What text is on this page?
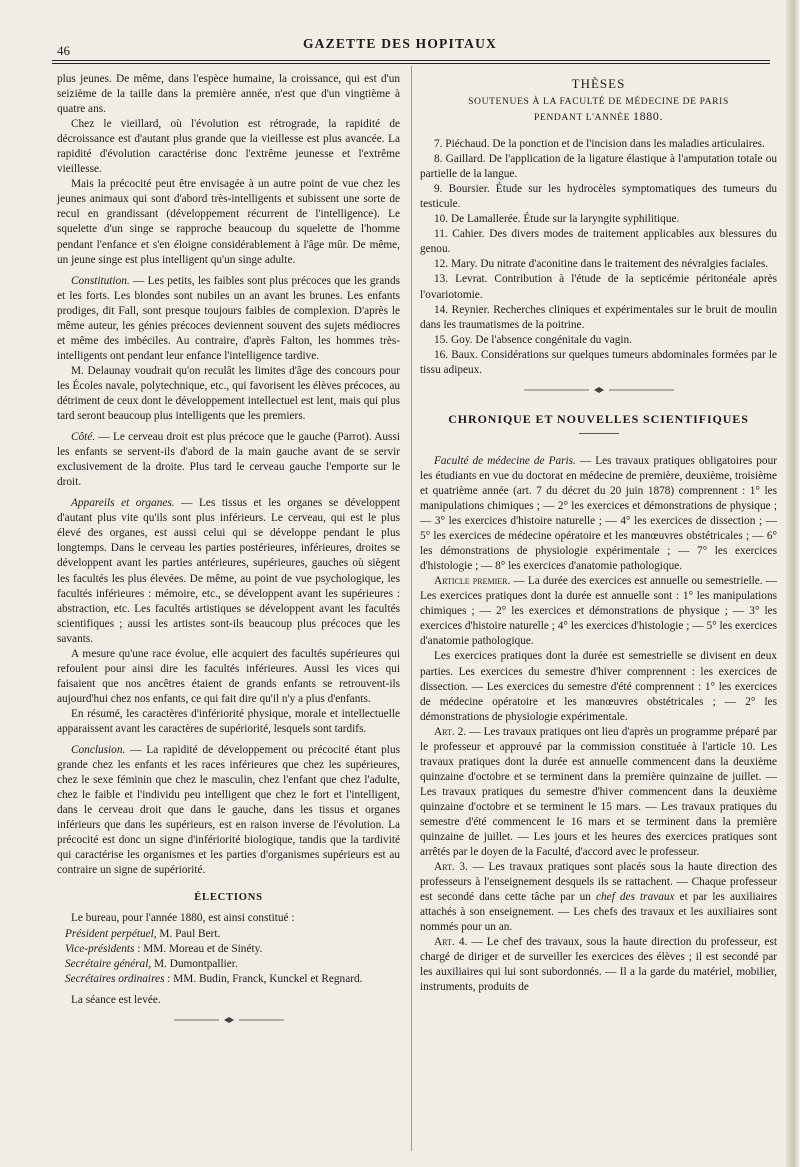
46	GAZETTE DES HOPITAUX

plus jeunes. De même, dans l'espèce humaine, la croissance, qui est d'un seizième de la taille dans la première année, n'est que d'un vingtième à quatre ans.

Chez le vieillard, où l'évolution est rétrograde, la rapidité de décroissance est d'autant plus grande que la vieillesse est plus avancée. La rapidité d'évolution caractérise donc l'extrême jeunesse et l'extrême vieillesse.

Mais la précocité peut être envisagée à un autre point de vue chez les jeunes animaux qui sont d'abord très-intelligents et subissent une sorte de recul en grandissant (développement récurrent de l'intelligence). Le squelette d'un singe se rapproche beaucoup du squelette de l'homme pendant l'enfance et s'en éloigne considérablement à l'âge mûr. De même, un jeune singe est plus intelligent qu'un singe adulte.

Constitution. — Les petits, les faibles sont plus précoces que les grands et les forts. Les blondes sont nubiles un an avant les brunes. Les enfants prodiges, dit Fall, sont presque toujours faibles de complexion. D'après le même auteur, les génies précoces deviennent souvent des sujets médiocres et même des imbéciles. Au contraire, d'après Falton, les hommes très-intelligents ont pendant leur enfance l'intelligence tardive.

M. Delaunay voudrait qu'on reculât les limites d'âge des concours pour les Écoles navale, polytechnique, etc., qui favorisent les élèves précoces, au détriment de ceux dont le développement intellectuel est lent, mais qui plus tard seront beaucoup plus intelligents que les premiers.

Côté. — Le cerveau droit est plus précoce que le gauche (Parrot). Aussi les enfants se servent-ils d'abord de la main gauche avant de se servir exclusivement de la droite. Plus tard le cerveau gauche l'emporte sur le droit.

Appareils et organes. — Les tissus et les organes se développent d'autant plus vite qu'ils sont plus inférieurs. Le cerveau, qui est le plus élevé des organes, est aussi celui qui se développe pendant le plus longtemps. Dans le cerveau les parties postérieures, inférieures, droites se développent avant les parties antérieures, supérieures, gauches où siègent les facultés les plus élevées. De même, au point de vue psychologique, les facultés inférieures : mémoire, etc., se développent avant les supérieures : abstraction, etc. Les facultés artistiques se développent avant les facultés scientifiques ; aussi les artistes sont-ils beaucoup plus précoces que les savants.

A mesure qu'une race évolue, elle acquiert des facultés supérieures qui refoulent pour ainsi dire les facultés inférieures. Aussi les vices qui faisaient que nos ancêtres étaient de grands enfants se retrouvent-ils aujourd'hui chez nos enfants, ce qui fait dire qu'il n'y a plus d'enfants.

En résumé, les caractères d'infériorité physique, morale et intellectuelle apparaissent avant les caractères de supériorité, lesquels sont tardifs.

Conclusion. — La rapidité de développement ou précocité étant plus grande chez les enfants et les races inférieures que chez les supérieures, chez le sexe féminin que chez le masculin, chez l'enfant que chez l'adulte, chez le faible et l'individu peu intelligent que chez le fort et l'intelligent, dans le cerveau droit que dans le gauche, dans les tissus et organes inférieurs que dans les supérieurs, est en raison inverse de l'évolution. La précocité est donc un signe d'infériorité biologique, tandis que la tardivité qui caractérise les organismes et les parties d'organismes supérieurs est au contraire un signe de supériorité.

ÉLECTIONS

Le bureau, pour l'année 1880, est ainsi constitué :

Président perpétuel, M. Paul Bert.
Vice-présidents : MM. Moreau et de Sinéty.
Secrétaire général, M. Dumontpallier.
Secrétaires ordinaires : MM. Budin, Franck, Kunckel et Regnard.

La séance est levée.

THÈSES
SOUTENUES À LA FACULTÉ DE MÉDECINE DE PARIS
PENDANT L'ANNÉE 1880.

7. Piéchaud. De la ponction et de l'incision dans les maladies articulaires.

8. Gaillard. De l'application de la ligature élastique à l'amputation totale ou partielle de la langue.

9. Boursier. Étude sur les hydrocèles symptomatiques des tumeurs du testicule.

10. De Lamallerée. Étude sur la laryngite syphilitique.

11. Cahier. Des divers modes de traitement applicables aux blessures du genou.

12. Mary. Du nitrate d'aconitine dans le traitement des névralgies faciales.

13. Levrat. Contribution à l'étude de la septicémie péritonéale après l'ovariotomie.

14. Reynier. Recherches cliniques et expérimentales sur le bruit de moulin dans les traumatismes de la poitrine.

15. Goy. De l'absence congénitale du vagin.

16. Baux. Considérations sur quelques tumeurs abdominales formées par le tissu adipeux.

CHRONIQUE ET NOUVELLES SCIENTIFIQUES

Faculté de médecine de Paris. — Les travaux pratiques obligatoires pour les étudiants en vue du doctorat en médecine de première, deuxième, troisième et quatrième année (art. 7 du décret du 20 juin 1878) comprennent : 1° les manipulations chimiques ; — 2° les exercices et démonstrations de physique ; — 3° les exercices d'histoire naturelle ; — 4° les exercices de dissection ; — 5° les exercices de médecine opératoire et les manœuvres obstétricales ; — 6° les démonstrations de physiologie expérimentale ; — 7° les exercices d'histologie ; — 8° les exercices d'anatomie pathologique.

Article premier. — La durée des exercices est annuelle ou semestrielle. — Les exercices pratiques dont la durée est annuelle sont : 1° les manipulations chimiques ; — 2° les exercices et démonstrations de physique ; — 3° les exercices d'histoire naturelle ; 4° les exercices d'histologie ; — 5° les exercices d'anatomie pathologique.

Les exercices pratiques dont la durée est semestrielle se divisent en deux parties. Les exercices du semestre d'hiver comprennent : les exercices de dissection. — Les exercices du semestre d'été comprennent : 1° les exercices de médecine opératoire et les manœuvres obstétricales ; — 2° les démonstrations de physiologie expérimentale.

Art. 2. — Les travaux pratiques ont lieu d'après un programme préparé par le professeur et approuvé par la commission constituée à l'article 10. Les travaux pratiques dont la durée est annuelle commencent dans la deuxième quinzaine d'octobre et se terminent dans la première quinzaine de juillet. — Les travaux pratiques du semestre d'hiver commencent dans la deuxième quinzaine d'octobre et se terminent le 15 mars. — Les travaux pratiques du semestre d'été commencent le 16 mars et se terminent dans la première quinzaine de juillet. — Les jours et les heures des exercices pratiques sont arrêtés par le doyen de la Faculté, d'accord avec le professeur.

Art. 3. — Les travaux pratiques sont placés sous la haute direction des professeurs à l'enseignement desquels ils se rattachent. — Chaque professeur est secondé dans cette tâche par un chef des travaux et par les auxiliaires attachés à son enseignement. — Les chefs des travaux et les auxiliaires sont nommés pour un an.

Art. 4. — Le chef des travaux, sous la haute direction du professeur, est chargé de diriger et de surveiller les exercices des élèves ; il est secondé par les auxiliaires qui lui sont subordonnés. — Il a la garde du matériel, mobilier, instruments, produits de
